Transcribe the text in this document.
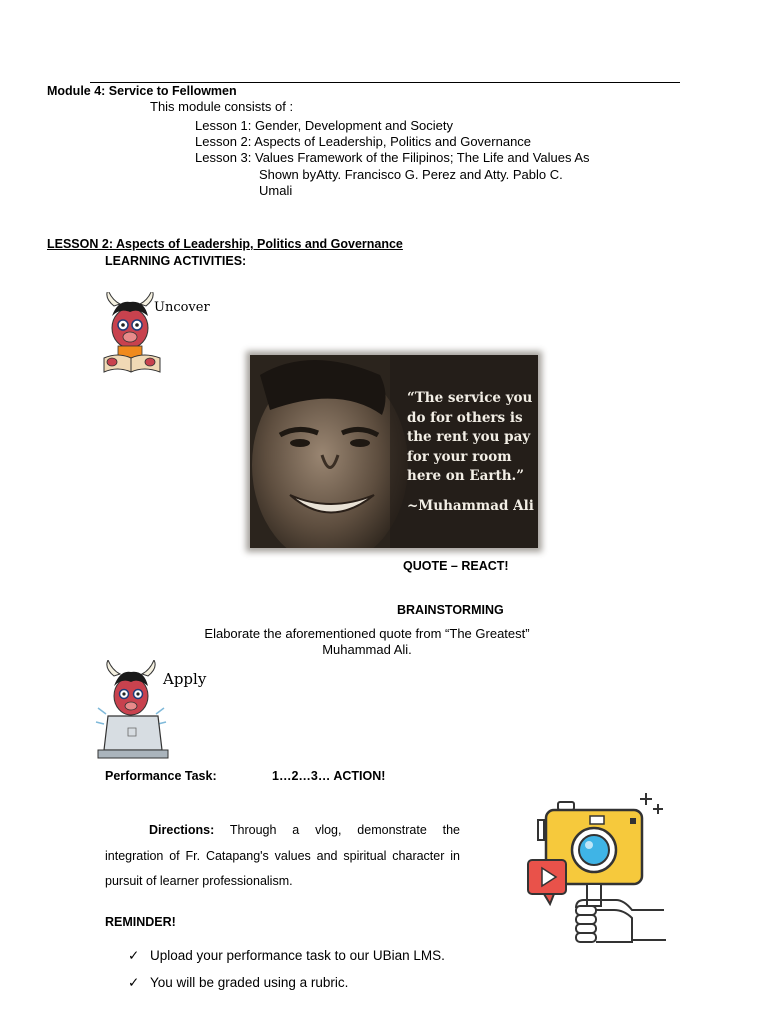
Module 4: Service to Fellowmen
This module consists of :
Lesson 1: Gender, Development and Society
Lesson 2: Aspects of Leadership, Politics and Governance
Lesson 3: Values Framework of the Filipinos; The Life and Values As
Shown byAtty. Francisco G. Perez and Atty. Pablo C.
Umali
LESSON 2: Aspects of Leadership, Politics and Governance
LEARNING ACTIVITIES:
Uncover
“The service you
do for others is
the rent you pay
for your room
here on Earth.”
~Muhammad Ali
QUOTE – REACT!
BRAINSTORMING
Elaborate the aforementioned quote from “The Greatest”
Muhammad Ali.
Apply
Performance Task:	1…2…3… ACTION!
Directions: Through a vlog, demonstrate the integration of Fr. Catapang's values and spiritual character in pursuit of learner professionalism.
REMINDER!
✓ Upload your performance task to our UBian LMS.
✓ You will be graded using a rubric.
